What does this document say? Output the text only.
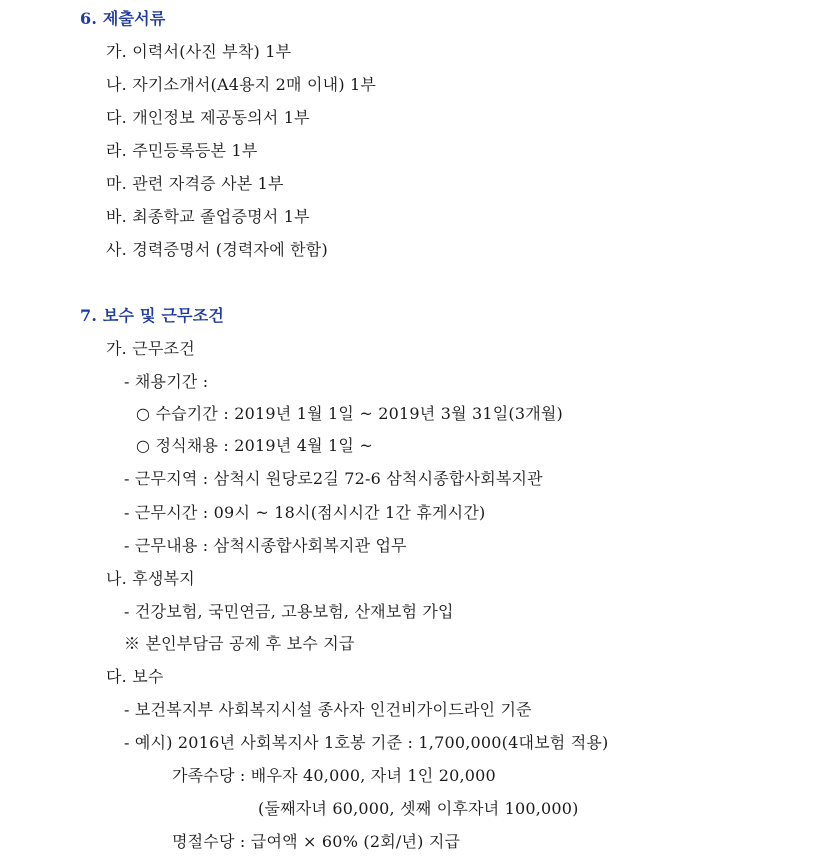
6. 제출서류
가. 이력서(사진 부착) 1부
나. 자기소개서(A4용지 2매 이내) 1부
다. 개인정보 제공동의서 1부
라. 주민등록등본 1부
마. 관련 자격증 사본 1부
바. 최종학교 졸업증명서 1부
사. 경력증명서 (경력자에 한함)
7. 보수 및 근무조건
가. 근무조건
- 채용기간 :
○ 수습기간 : 2019년 1월 1일 ~ 2019년 3월 31일(3개월)
○ 정식채용 : 2019년 4월 1일 ~
- 근무지역 : 삼척시 원당로2길 72-6 삼척시종합사회복지관
- 근무시간 : 09시 ~ 18시(점시시간 1간 휴게시간)
- 근무내용 : 삼척시종합사회복지관 업무
나. 후생복지
- 건강보험, 국민연금, 고용보험, 산재보험 가입
※ 본인부담금 공제 후 보수 지급
다. 보수
- 보건복지부 사회복지시설 종사자 인건비가이드라인 기준
- 예시) 2016년 사회복지사 1호봉 기준 : 1,700,000(4대보험 적용)
가족수당 : 배우자 40,000, 자녀 1인 20,000
(둘째자녀 60,000, 셋째 이후자녀 100,000)
명절수당 : 급여액 × 60% (2회/년) 지급
